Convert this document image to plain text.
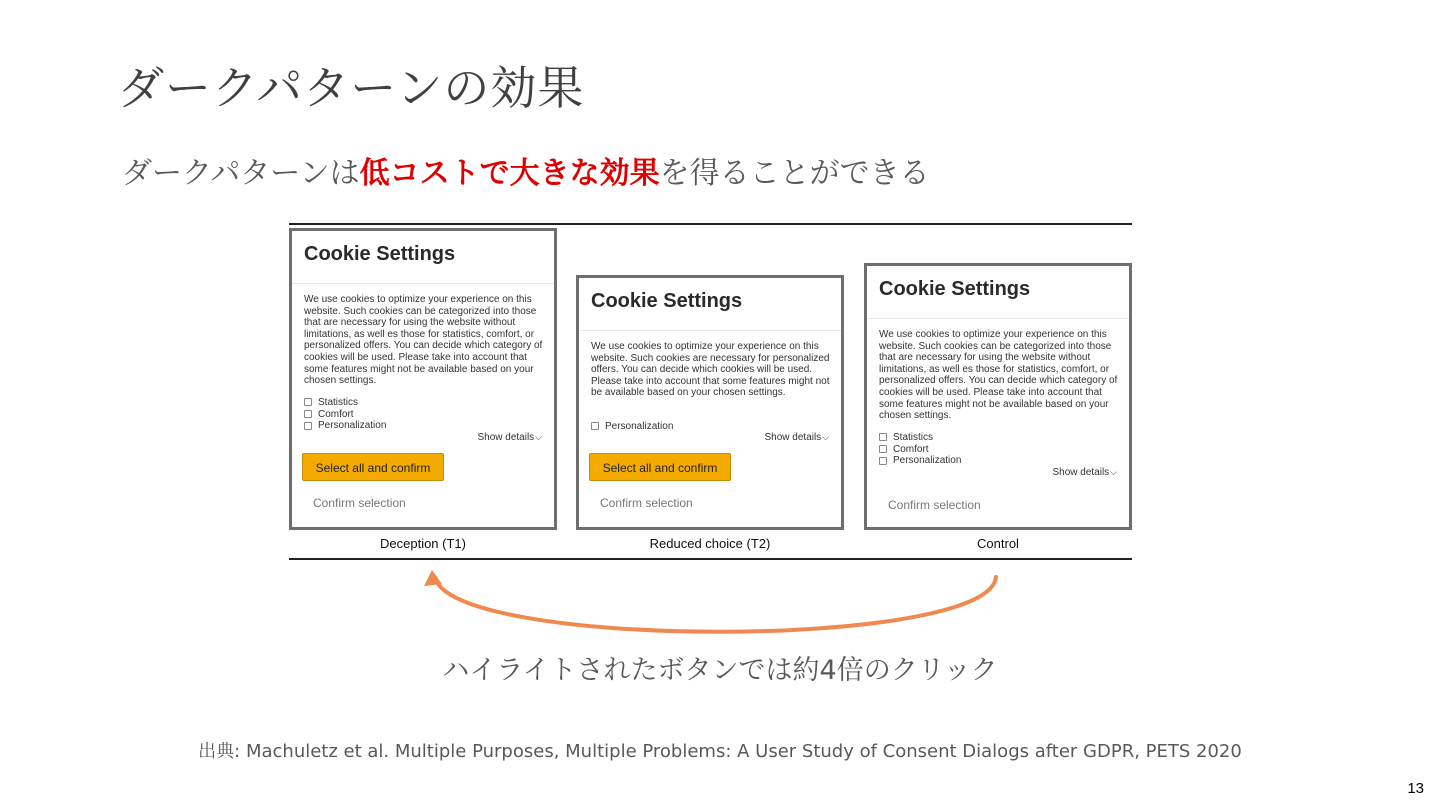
ダークパターンの効果
ダークパターンは低コストで大きな効果を得ることができる
Cookie Settings
We use cookies to optimize your experience on this website. Such cookies can be categorized into those that are necessary for using the website without limitations, as well es those for statistics, comfort, or personalized offers. You can decide which category of cookies will be used. Please take into account that some features might not be available based on your chosen settings.
Statistics
Comfort
Personalization
Show details⌵
Select all and confirm
Confirm selection
Cookie Settings
We use cookies to optimize your experience on this website. Such cookies are necessary for personalized offers. You can decide which cookies will be used. Please take into account that some features might not be available based on your chosen settings.
Personalization
Show details⌵
Select all and confirm
Confirm selection
Cookie Settings
We use cookies to optimize your experience on this website. Such cookies can be categorized into those that are necessary for using the website without limitations, as well es those for statistics, comfort, or personalized offers. You can decide which category of cookies will be used. Please take into account that some features might not be available based on your chosen settings.
Statistics
Comfort
Personalization
Show details⌵
Confirm selection
Deception (T1)	Reduced choice (T2)	Control
ハイライトされたボタンでは約4倍のクリック
出典: Machuletz et al. Multiple Purposes, Multiple Problems: A User Study of Consent Dialogs after GDPR, PETS 2020
13
